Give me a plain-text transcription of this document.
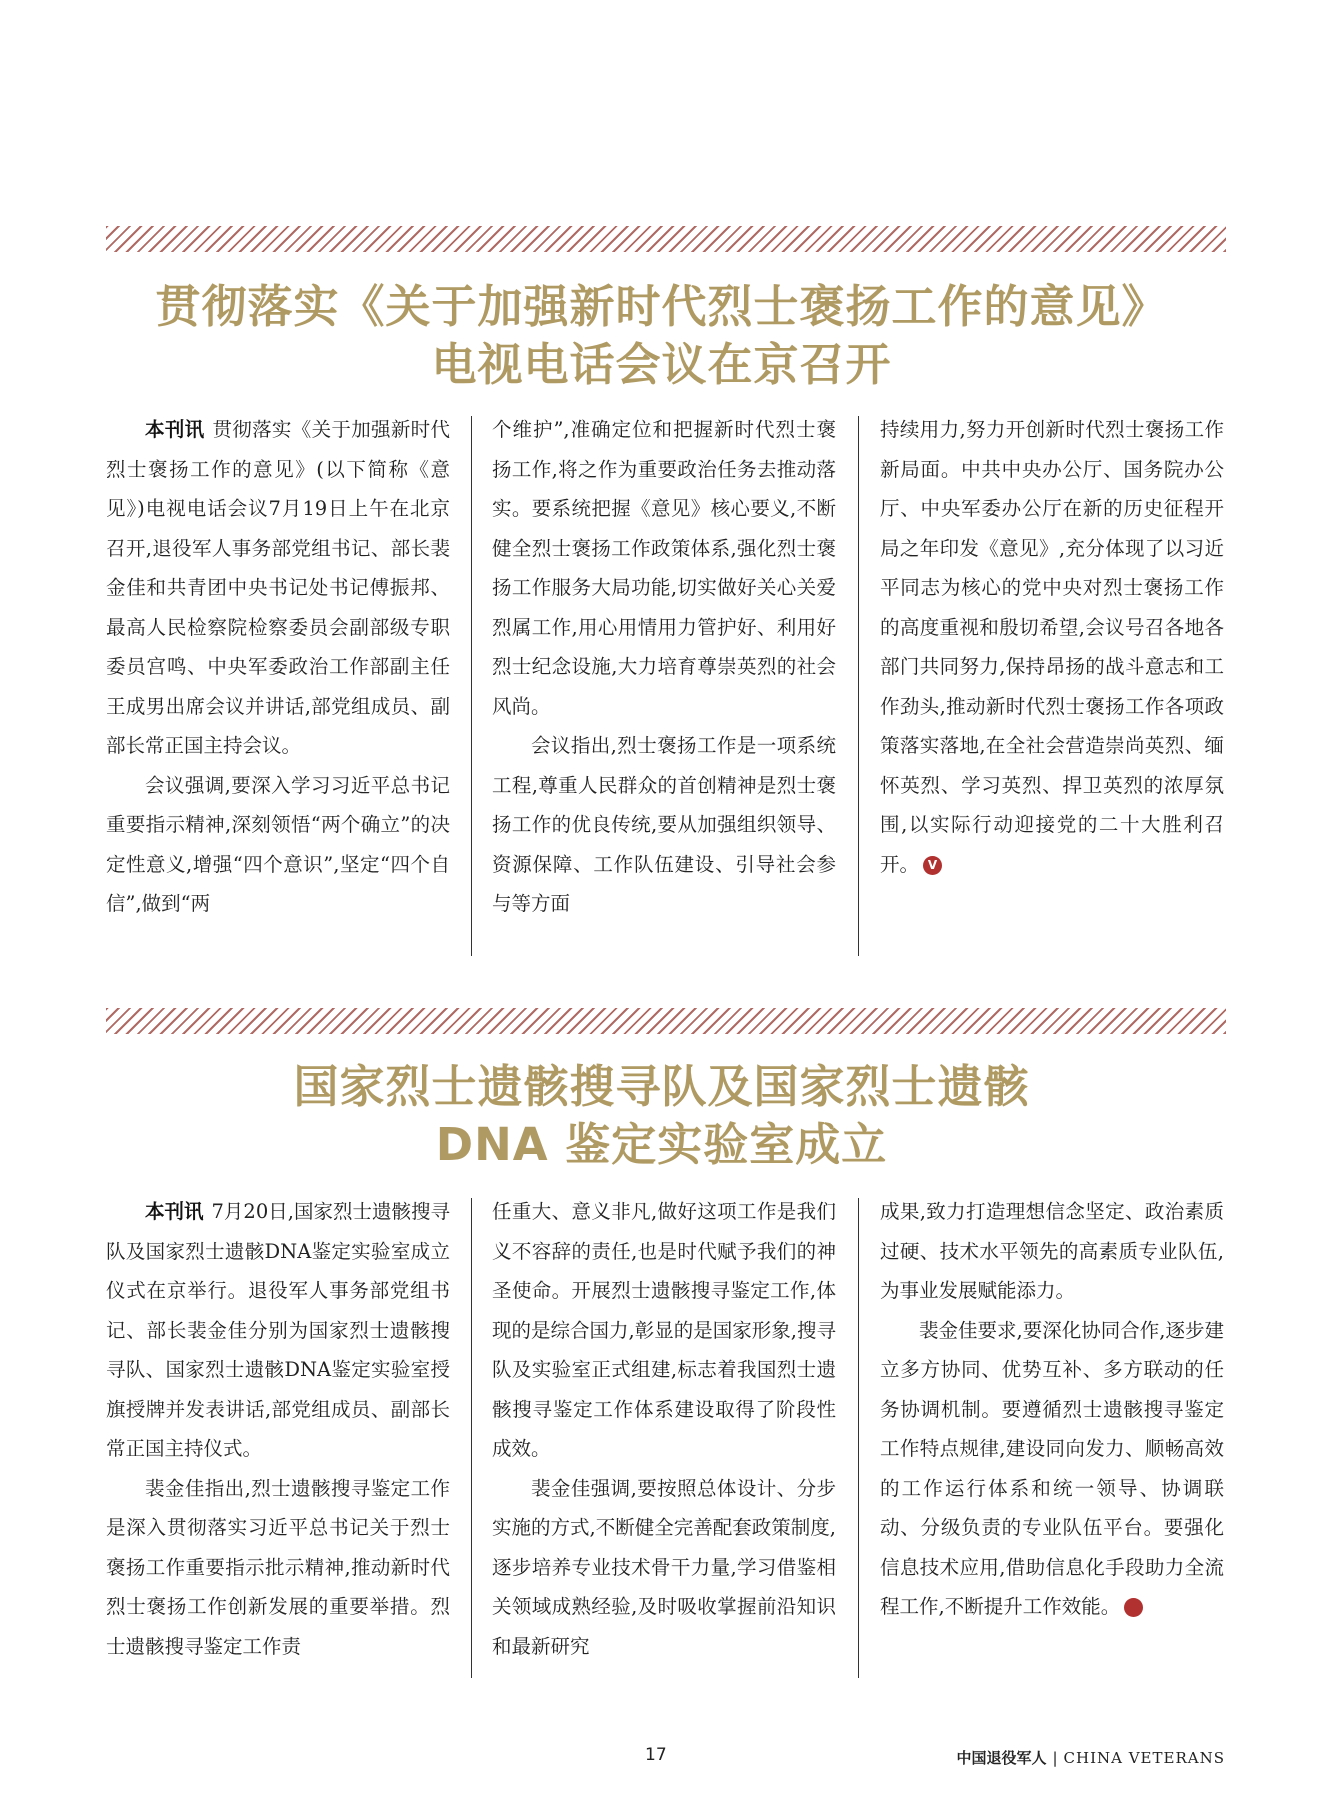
贯彻落实《关于加强新时代烈士褒扬工作的意见》
电视电话会议在京召开

本刊讯 贯彻落实《关于加强新时代烈士褒扬工作的意见》(以下简称《意见》)电视电话会议7月19日上午在北京召开,退役军人事务部党组书记、部长裴金佳和共青团中央书记处书记傅振邦、最高人民检察院检察委员会副部级专职委员宫鸣、中央军委政治工作部副主任王成男出席会议并讲话,部党组成员、副部长常正国主持会议。

会议强调,要深入学习习近平总书记重要指示精神,深刻领悟“两个确立”的决定性意义,增强“四个意识”,坚定“四个自信”,做到“两

个维护”,准确定位和把握新时代烈士褒扬工作,将之作为重要政治任务去推动落实。要系统把握《意见》核心要义,不断健全烈士褒扬工作政策体系,强化烈士褒扬工作服务大局功能,切实做好关心关爱烈属工作,用心用情用力管护好、利用好烈士纪念设施,大力培育尊崇英烈的社会风尚。

会议指出,烈士褒扬工作是一项系统工程,尊重人民群众的首创精神是烈士褒扬工作的优良传统,要从加强组织领导、资源保障、工作队伍建设、引导社会参与等方面

持续用力,努力开创新时代烈士褒扬工作新局面。中共中央办公厅、国务院办公厅、中央军委办公厅在新的历史征程开局之年印发《意见》,充分体现了以习近平同志为核心的党中央对烈士褒扬工作的高度重视和殷切希望,会议号召各地各部门共同努力,保持昂扬的战斗意志和工作劲头,推动新时代烈士褒扬工作各项政策落实落地,在全社会营造崇尚英烈、缅怀英烈、学习英烈、捍卫英烈的浓厚氛围,以实际行动迎接党的二十大胜利召开。 V

国家烈士遗骸搜寻队及国家烈士遗骸
DNA 鉴定实验室成立

本刊讯 7月20日,国家烈士遗骸搜寻队及国家烈士遗骸DNA鉴定实验室成立仪式在京举行。退役军人事务部党组书记、部长裴金佳分别为国家烈士遗骸搜寻队、国家烈士遗骸DNA鉴定实验室授旗授牌并发表讲话,部党组成员、副部长常正国主持仪式。

裴金佳指出,烈士遗骸搜寻鉴定工作是深入贯彻落实习近平总书记关于烈士褒扬工作重要指示批示精神,推动新时代烈士褒扬工作创新发展的重要举措。烈士遗骸搜寻鉴定工作责

任重大、意义非凡,做好这项工作是我们义不容辞的责任,也是时代赋予我们的神圣使命。开展烈士遗骸搜寻鉴定工作,体现的是综合国力,彰显的是国家形象,搜寻队及实验室正式组建,标志着我国烈士遗骸搜寻鉴定工作体系建设取得了阶段性成效。

裴金佳强调,要按照总体设计、分步实施的方式,不断健全完善配套政策制度,逐步培养专业技术骨干力量,学习借鉴相关领域成熟经验,及时吸收掌握前沿知识和最新研究

成果,致力打造理想信念坚定、政治素质过硬、技术水平领先的高素质专业队伍,为事业发展赋能添力。

裴金佳要求,要深化协同合作,逐步建立多方协同、优势互补、多方联动的任务协调机制。要遵循烈士遗骸搜寻鉴定工作特点规律,建设同向发力、顺畅高效的工作运行体系和统一领导、协调联动、分级负责的专业队伍平台。要强化信息技术应用,借助信息化手段助力全流程工作,不断提升工作效能。	V

17	中国退役军人 | CHINA VETERANS
